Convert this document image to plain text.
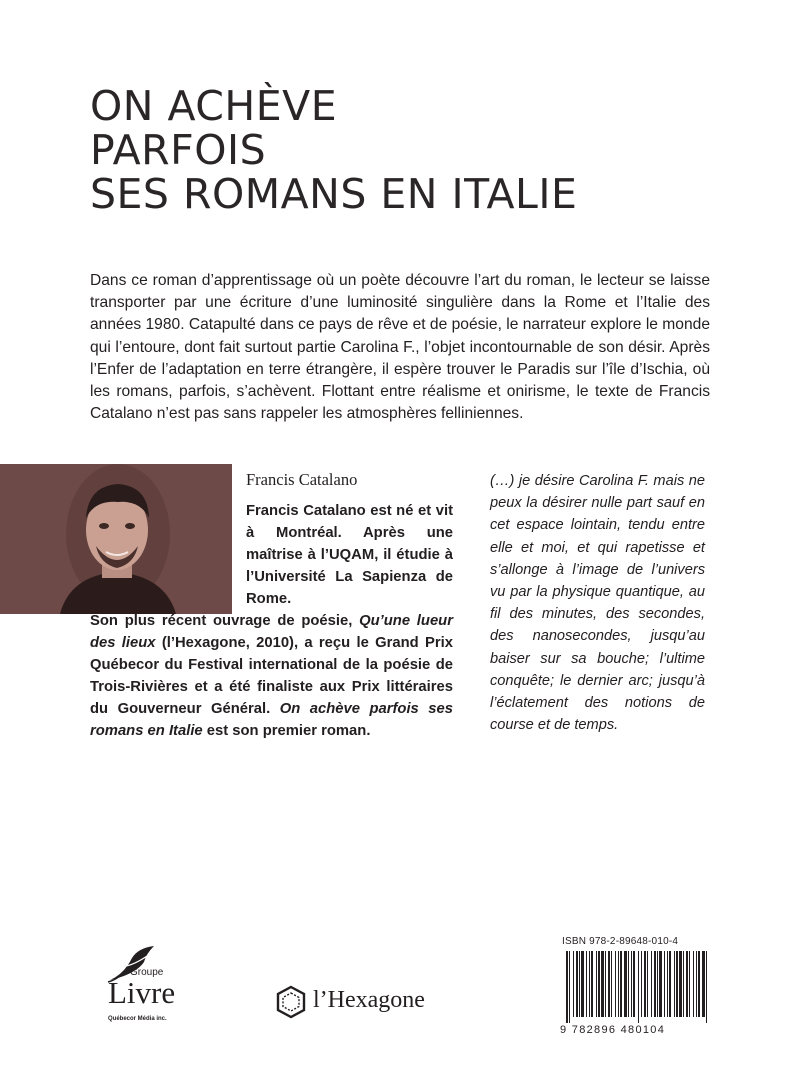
ON ACHÈVE
PARFOIS
SES ROMANS EN ITALIE

Dans ce roman d’apprentissage où un poète découvre l’art du roman, le lecteur se laisse transporter par une écriture d’une luminosité singulière dans la Rome et l’Italie des années 1980. Catapulté dans ce pays de rêve et de poésie, le narrateur explore le monde qui l’entoure, dont fait surtout partie Carolina F., l’objet incontournable de son désir. Après l’Enfer de l’adaptation en terre étrangère, il espère trouver le Paradis sur l’île d’Ischia, où les romans, parfois, s’achèvent. Flottant entre réalisme et onirisme, le texte de Francis Catalano n’est pas sans rappeler les atmosphères felliniennes.

Francis Catalano

Francis Catalano est né et vit à Montréal. Après une maîtrise à l’UQAM, il étudie à l’Université La Sapienza de Rome.

Son plus récent ouvrage de poésie, Qu’une lueur des lieux (l’Hexagone, 2010), a reçu le Grand Prix Québecor du Festival international de la poésie de Trois-Rivières et a été finaliste aux Prix littéraires du Gouverneur Général. On achève parfois ses romans en Italie est son premier roman.

(…) je désire Carolina F. mais ne peux la désirer nulle part sauf en cet espace lointain, tendu entre elle et moi, et qui rapetisse et s’allonge à l’image de l’univers vu par la physique quantique, au fil des minutes, des secondes, des nanosecondes, jusqu’au baiser sur sa bouche; l’ultime conquête; le dernier arc; jusqu’à l’éclatement des notions de course et de temps.

Groupe
Livre
Québecor Média inc.
l’Hexagone
ISBN 978-2-89648-010-4
9 782896 480104
